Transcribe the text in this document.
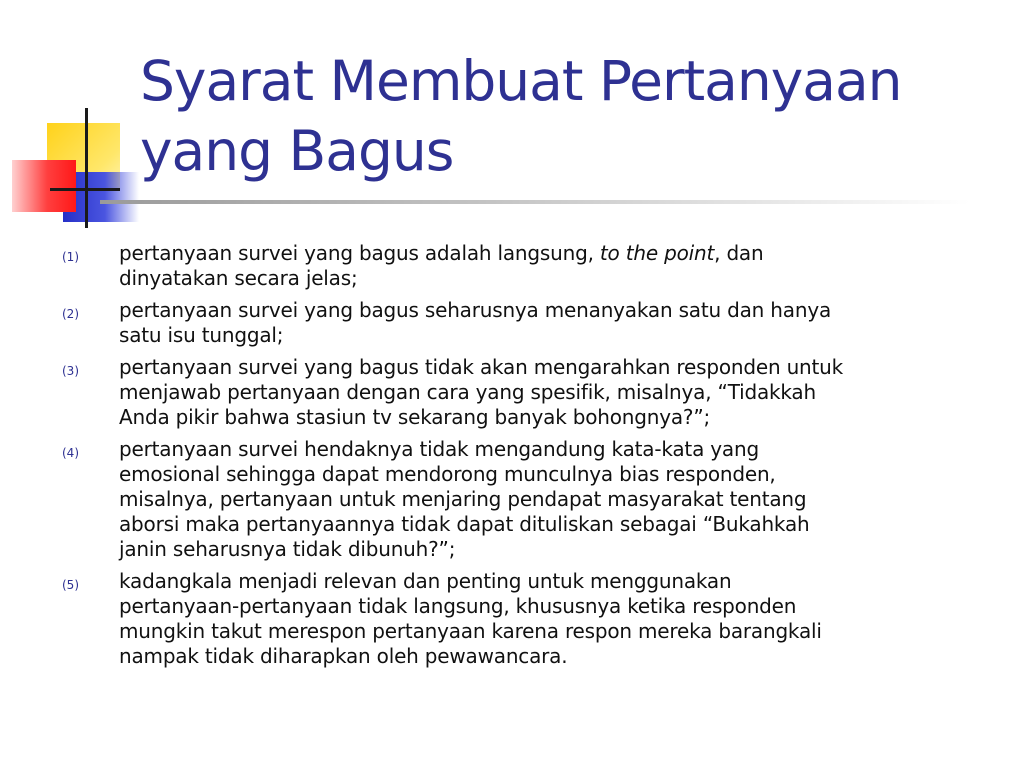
Syarat Membuat Pertanyaan
yang Bagus
(1) pertanyaan survei yang bagus adalah langsung, to the point, dan
dinyatakan secara jelas;
(2) pertanyaan survei yang bagus seharusnya menanyakan satu dan hanya
satu isu tunggal;
(3) pertanyaan survei yang bagus tidak akan mengarahkan responden untuk
menjawab pertanyaan dengan cara yang spesifik, misalnya, “Tidakkah
Anda pikir bahwa stasiun tv sekarang banyak bohongnya?”;
(4) pertanyaan survei hendaknya tidak mengandung kata-kata yang
emosional sehingga dapat mendorong munculnya bias responden,
misalnya, pertanyaan untuk menjaring pendapat masyarakat tentang
aborsi maka pertanyaannya tidak dapat dituliskan sebagai “Bukahkah
janin seharusnya tidak dibunuh?”;
(5) kadangkala menjadi relevan dan penting untuk menggunakan
pertanyaan-pertanyaan tidak langsung, khususnya ketika responden
mungkin takut merespon pertanyaan karena respon mereka barangkali
nampak tidak diharapkan oleh pewawancara.
